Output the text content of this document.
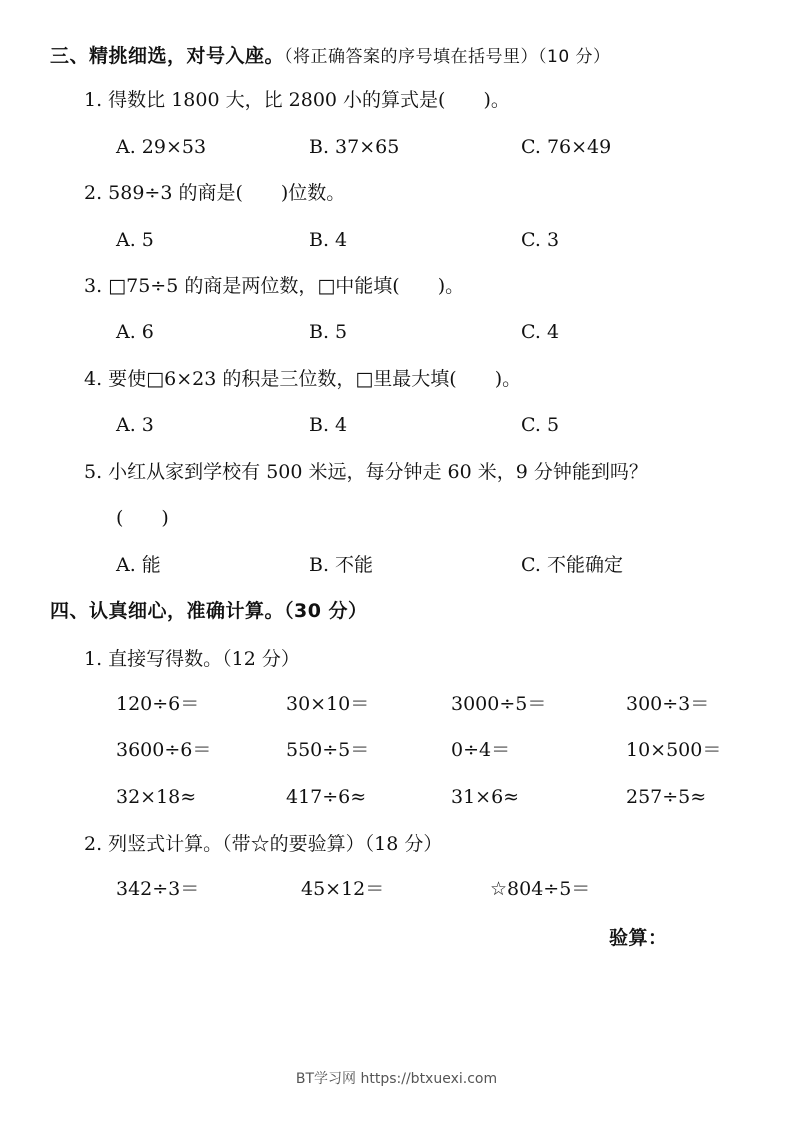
三、精挑细选，对号入座。（将正确答案的序号填在括号里）（10 分）
1. 得数比 1800 大，比 2800 小的算式是(　　)。
A. 29×53	B. 37×65	C. 76×49
2. 589÷3 的商是(　　)位数。
A. 5	B. 4	C. 3
3. □75÷5 的商是两位数，□中能填(　　)。
A. 6	B. 5	C. 4
4. 要使□6×23 的积是三位数，□里最大填(　　)。
A. 3	B. 4	C. 5
5. 小红从家到学校有 500 米远，每分钟走 60 米，9 分钟能到吗？
(　　)
A. 能	B. 不能	C. 不能确定
四、认真细心，准确计算。（30 分）
1. 直接写得数。（12 分）
120÷6＝	30×10＝	3000÷5＝	300÷3＝
3600÷6＝	550÷5＝	0÷4＝	10×500＝
32×18≈	417÷6≈	31×6≈	257÷5≈
2. 列竖式计算。（带☆的要验算）（18 分）
342÷3＝	45×12＝	☆804÷5＝
验算：
BT学习网 https://btxuexi.com
